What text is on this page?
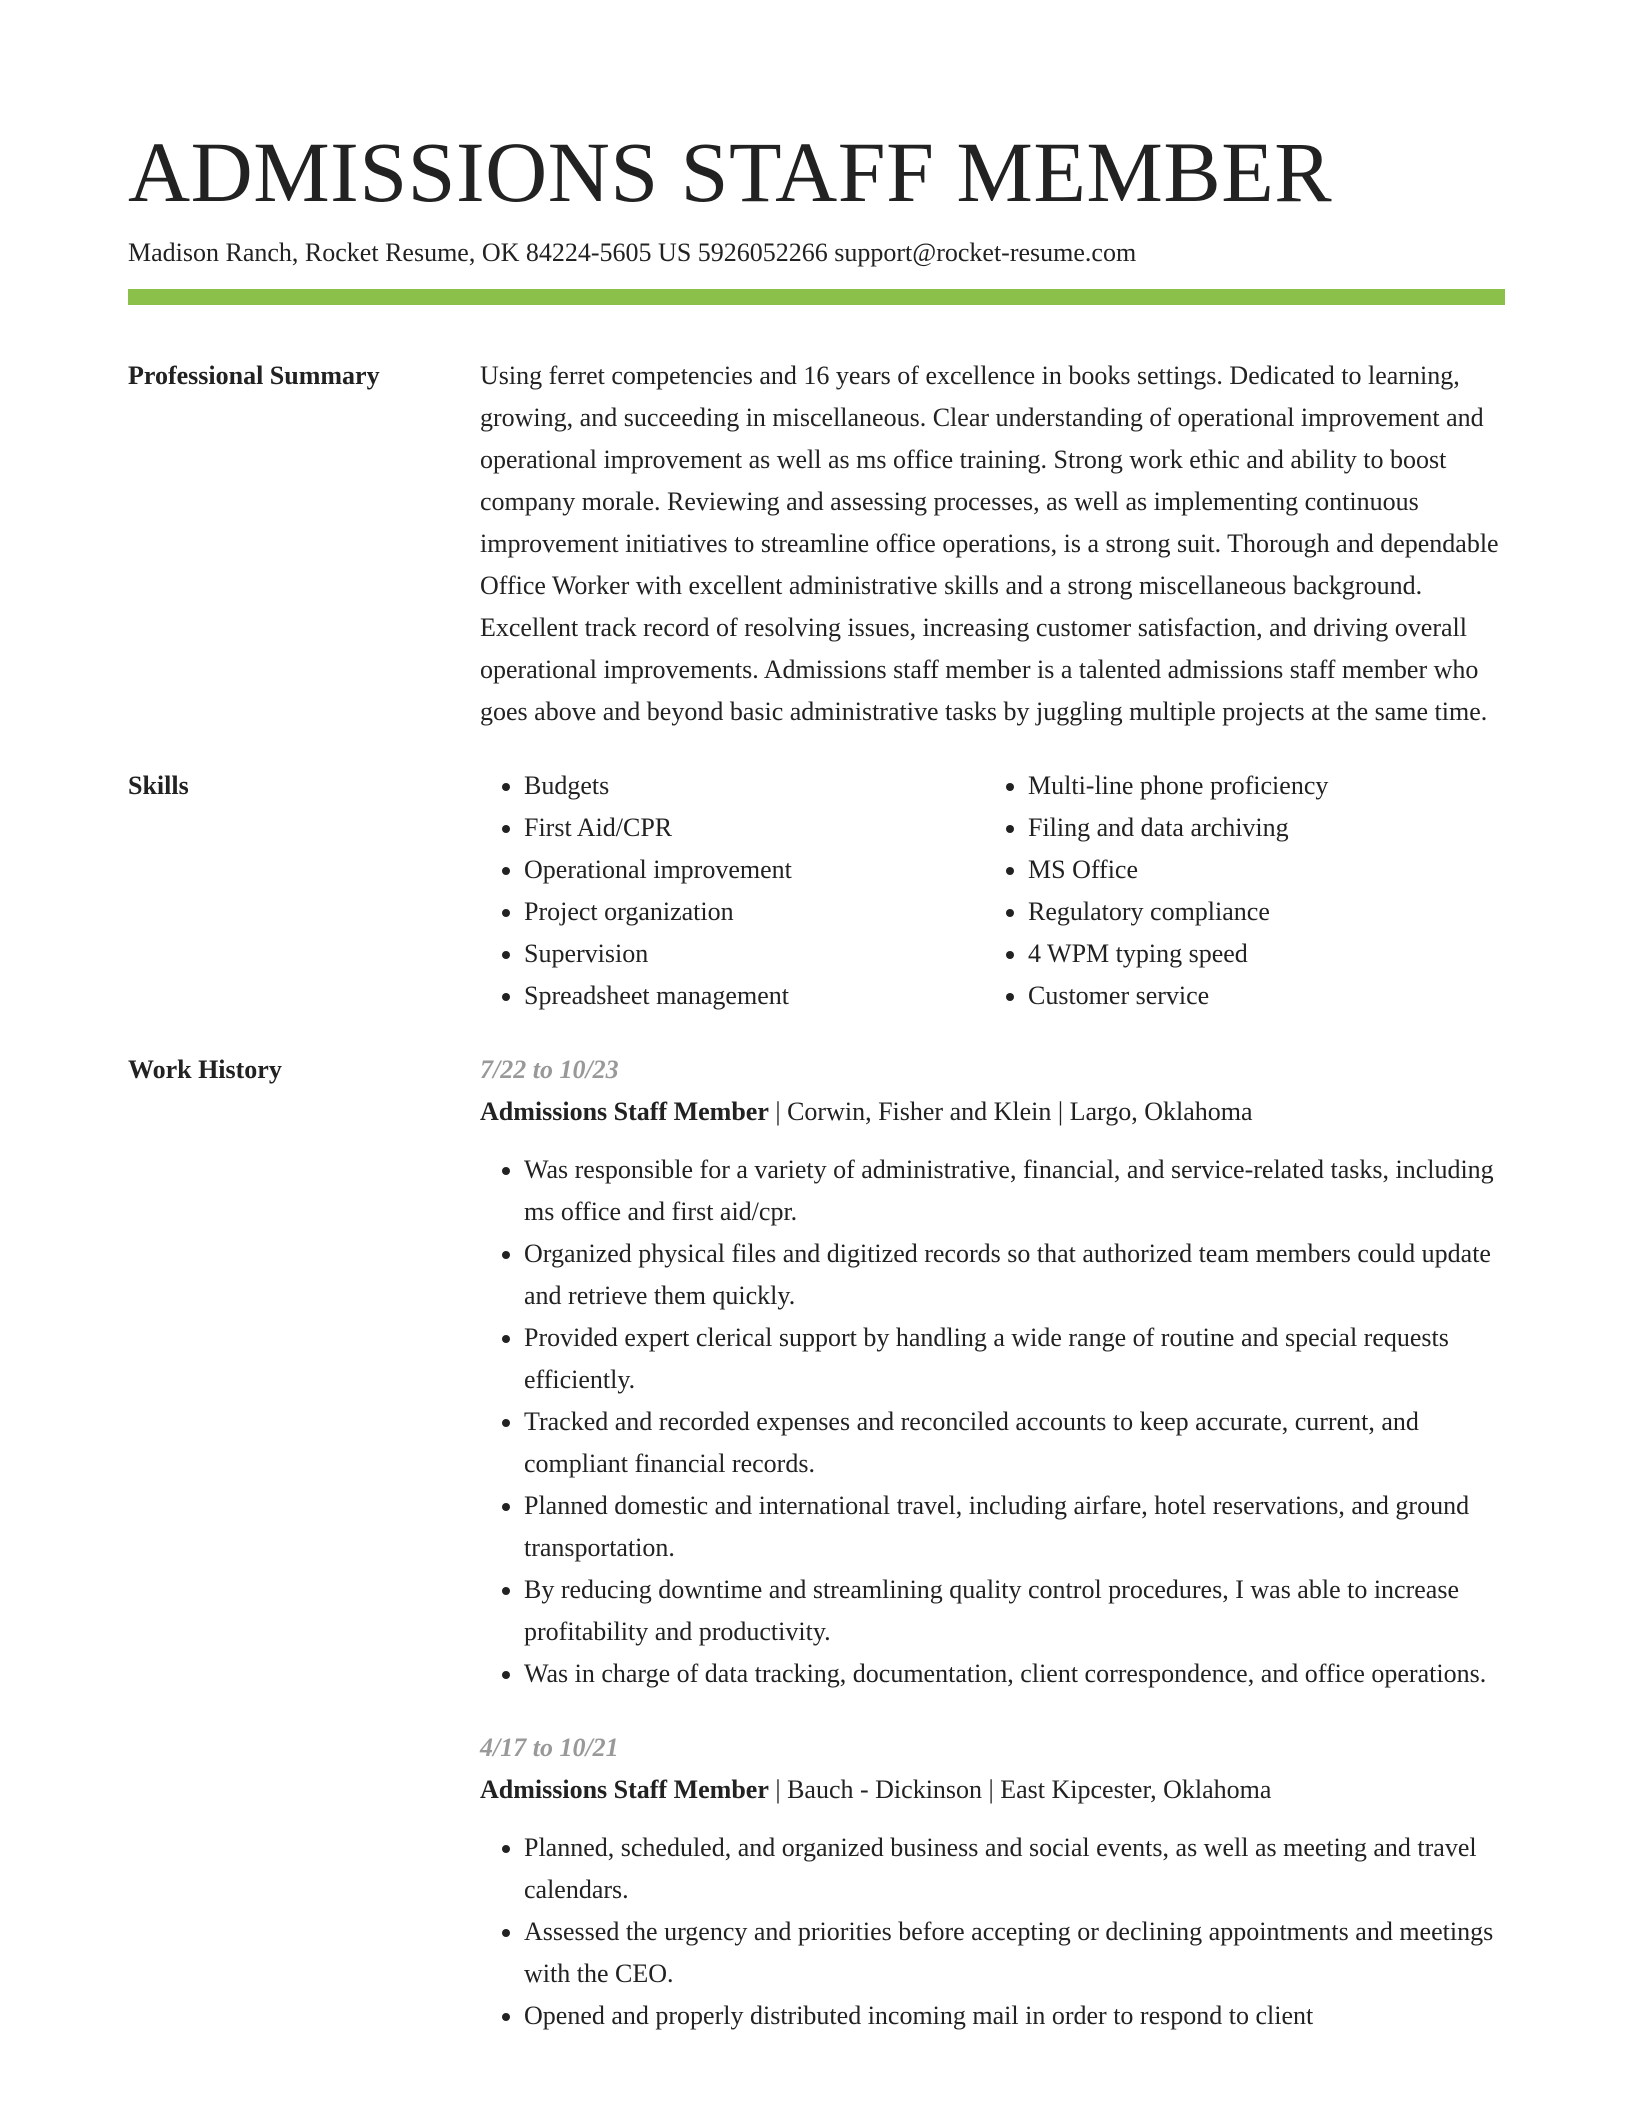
ADMISSIONS STAFF MEMBER
Madison Ranch, Rocket Resume, OK 84224-5605 US 5926052266 support@rocket-resume.com
Professional Summary	Using ferret competencies and 16 years of excellence in books settings. Dedicated to learning, growing, and succeeding in miscellaneous. Clear understanding of operational improvement and operational improvement as well as ms office training. Strong work ethic and ability to boost company morale. Reviewing and assessing processes, as well as implementing continuous improvement initiatives to streamline office operations, is a strong suit. Thorough and dependable Office Worker with excellent administrative skills and a strong miscellaneous background. Excellent track record of resolving issues, increasing customer satisfaction, and driving overall operational improvements. Admissions staff member is a talented admissions staff member who goes above and beyond basic administrative tasks by juggling multiple projects at the same time.
Skills
•	Budgets
• First Aid/CPR
• Operational improvement
• Project organization
• Supervision
• Spreadsheet management
• Multi-line phone proficiency
• Filing and data archiving
• MS Office
• Regulatory compliance
• 4 WPM typing speed
• Customer service
Work History	7/22 to 10/23
Admissions Staff Member | Corwin, Fisher and Klein | Largo, Oklahoma
• Was responsible for a variety of administrative, financial, and service-related tasks, including ms office and first aid/cpr.
• Organized physical files and digitized records so that authorized team members could update and retrieve them quickly.
• Provided expert clerical support by handling a wide range of routine and special requests efficiently.
• Tracked and recorded expenses and reconciled accounts to keep accurate, current, and compliant financial records.
• Planned domestic and international travel, including airfare, hotel reservations, and ground transportation.
• By reducing downtime and streamlining quality control procedures, I was able to increase profitability and productivity.
• Was in charge of data tracking, documentation, client correspondence, and office operations.
4/17 to 10/21
Admissions Staff Member | Bauch - Dickinson | East Kipcester, Oklahoma
• Planned, scheduled, and organized business and social events, as well as meeting and travel calendars.
• Assessed the urgency and priorities before accepting or declining appointments and meetings with the CEO.
• Opened and properly distributed incoming mail in order to respond to client
